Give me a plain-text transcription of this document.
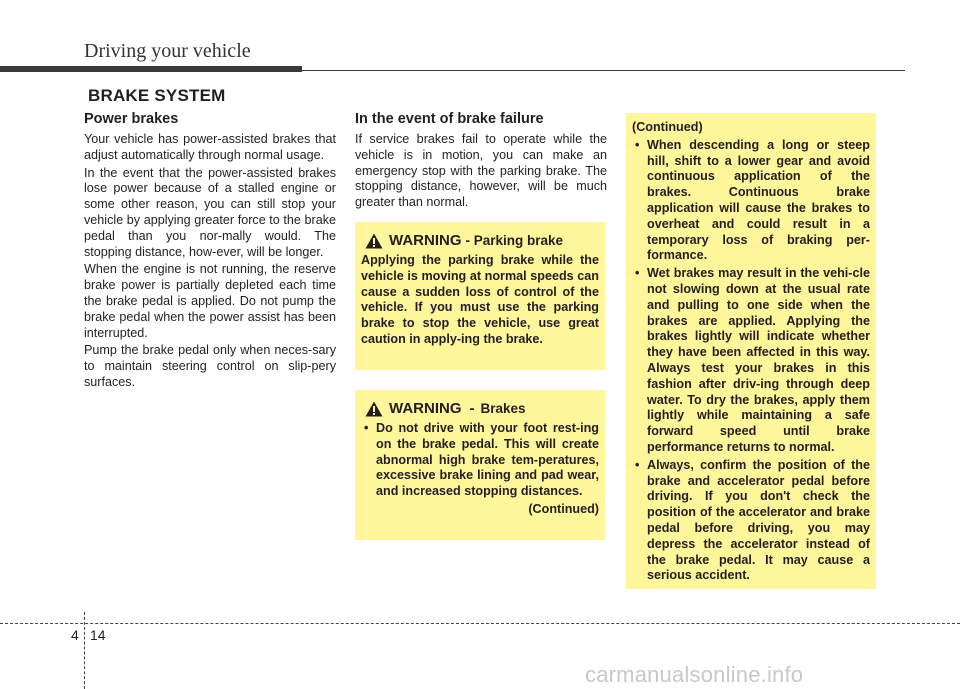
Driving your vehicle
BRAKE SYSTEM
Power brakes

Your vehicle has power-assisted brakes that adjust automatically through normal usage.

In the event that the power-assisted brakes lose power because of a stalled engine or some other reason, you can still stop your vehicle by applying greater force to the brake pedal than you nor-mally would. The stopping distance, how-ever, will be longer.

When the engine is not running, the reserve brake power is partially depleted each time the brake pedal is applied. Do not pump the brake pedal when the power assist has been interrupted.

Pump the brake pedal only when neces-sary to maintain steering control on slip-pery surfaces.

In the event of brake failure

If service brakes fail to operate while the vehicle is in motion, you can make an emergency stop with the parking brake. The stopping distance, however, will be much greater than normal.

WARNING - Parking brake
Applying the parking brake while the vehicle is moving at normal speeds can cause a sudden loss of control of the vehicle. If you must use the parking brake to stop the vehicle, use great caution in apply-ing the brake.
WARNING - Brakes
• Do not drive with your foot rest-ing on the brake pedal. This will create abnormal high brake tem-peratures, excessive brake lining and pad wear, and increased stopping distances.
(Continued)
(Continued)
• When descending a long or steep hill, shift to a lower gear and avoid continuous application of the brakes. Continuous brake application will cause the brakes to overheat and could result in a temporary loss of braking per-formance.
• Wet brakes may result in the vehi-cle not slowing down at the usual rate and pulling to one side when the brakes are applied. Applying the brakes lightly will indicate whether they have been affected in this way. Always test your brakes in this fashion after driv-ing through deep water. To dry the brakes, apply them lightly while maintaining a safe forward speed until brake performance returns to normal.
• Always, confirm the position of the brake and accelerator pedal before driving. If you don't check the position of the accelerator and brake pedal before driving, you may depress the accelerator instead of the brake pedal. It may cause a serious accident.
4 14
carmanualsonline.info
